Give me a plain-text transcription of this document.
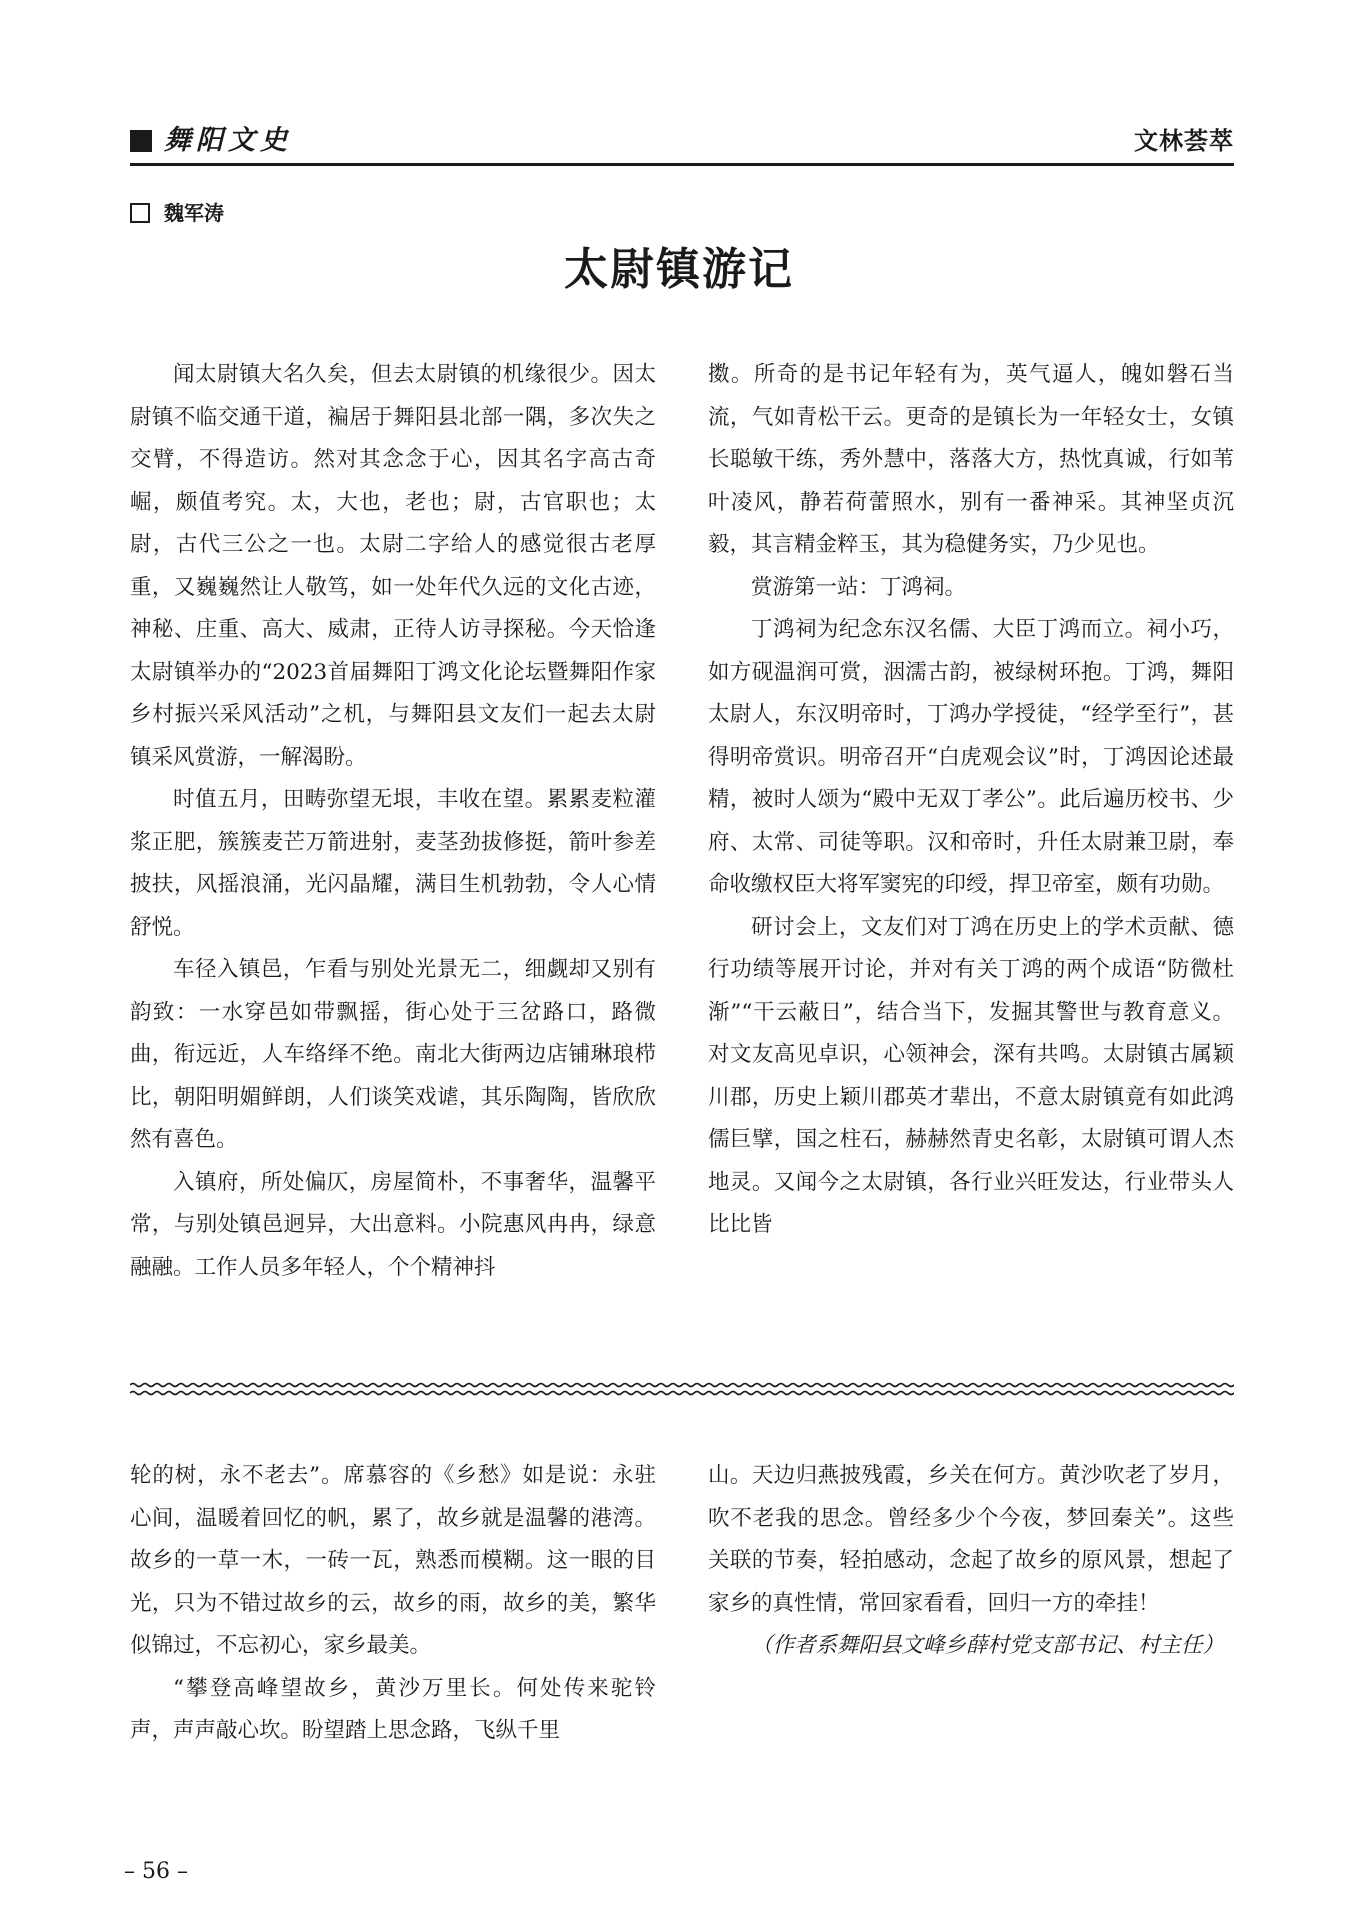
舞阳文史	文林荟萃
魏军涛
太尉镇游记

闻太尉镇大名久矣，但去太尉镇的机缘很少。因太尉镇不临交通干道，褊居于舞阳县北部一隅，多次失之交臂，不得造访。然对其念念于心，因其名字高古奇崛，颇值考究。太，大也，老也；尉，古官职也；太尉，古代三公之一也。太尉二字给人的感觉很古老厚重，又巍巍然让人敬笃，如一处年代久远的文化古迹，神秘、庄重、高大、威肃，正待人访寻探秘。今天恰逢太尉镇举办的“2023首届舞阳丁鸿文化论坛暨舞阳作家乡村振兴采风活动”之机，与舞阳县文友们一起去太尉镇采风赏游，一解渴盼。

时值五月，田畴弥望无垠，丰收在望。累累麦粒灌浆正肥，簇簇麦芒万箭进射，麦茎劲拔修挺，箭叶参差披扶，风摇浪涌，光闪晶耀，满目生机勃勃，令人心情舒悦。

车径入镇邑，乍看与别处光景无二，细觑却又别有韵致：一水穿邑如带飘摇，街心处于三岔路口，路微曲，衔远近，人车络绎不绝。南北大街两边店铺琳琅栉比，朝阳明媚鲜朗，人们谈笑戏谑，其乐陶陶，皆欣欣然有喜色。

入镇府，所处偏仄，房屋简朴，不事奢华，温馨平常，与别处镇邑迥异，大出意料。小院惠风冉冉，绿意融融。工作人员多年轻人，个个精神抖

擞。所奇的是书记年轻有为，英气逼人，魄如磐石当流，气如青松干云。更奇的是镇长为一年轻女士，女镇长聪敏干练，秀外慧中，落落大方，热忱真诚，行如苇叶凌风，静若荷蕾照水，别有一番神采。其神坚贞沉毅，其言精金粹玉，其为稳健务实，乃少见也。

赏游第一站：丁鸿祠。

丁鸿祠为纪念东汉名儒、大臣丁鸿而立。祠小巧，如方砚温润可赏，洇濡古韵，被绿树环抱。丁鸿，舞阳太尉人，东汉明帝时，丁鸿办学授徒，“经学至行”，甚得明帝赏识。明帝召开“白虎观会议”时，丁鸿因论述最精，被时人颂为“殿中无双丁孝公”。此后遍历校书、少府、太常、司徒等职。汉和帝时，升任太尉兼卫尉，奉命收缴权臣大将军窦宪的印绶，捍卫帝室，颇有功勋。

研讨会上，文友们对丁鸿在历史上的学术贡献、德行功绩等展开讨论，并对有关丁鸿的两个成语“防微杜渐”“干云蔽日”，结合当下，发掘其警世与教育意义。对文友高见卓识，心领神会，深有共鸣。太尉镇古属颖川郡，历史上颖川郡英才辈出，不意太尉镇竟有如此鸿儒巨擘，国之柱石，赫赫然青史名彰，太尉镇可谓人杰地灵。又闻今之太尉镇，各行业兴旺发达，行业带头人比比皆

轮的树，永不老去”。席慕容的《乡愁》如是说：永驻心间，温暖着回忆的帆，累了，故乡就是温馨的港湾。故乡的一草一木，一砖一瓦，熟悉而模糊。这一眼的目光，只为不错过故乡的云，故乡的雨，故乡的美，繁华似锦过，不忘初心，家乡最美。

“攀登高峰望故乡，黄沙万里长。何处传来驼铃声，声声敲心坎。盼望踏上思念路，飞纵千里

山。天边归燕披残霞，乡关在何方。黄沙吹老了岁月，吹不老我的思念。曾经多少个今夜，梦回秦关”。这些关联的节奏，轻拍感动，念起了故乡的原风景，想起了家乡的真性情，常回家看看，回归一方的牵挂！

（作者系舞阳县文峰乡薛村党支部书记、村主任）

– 56 –
